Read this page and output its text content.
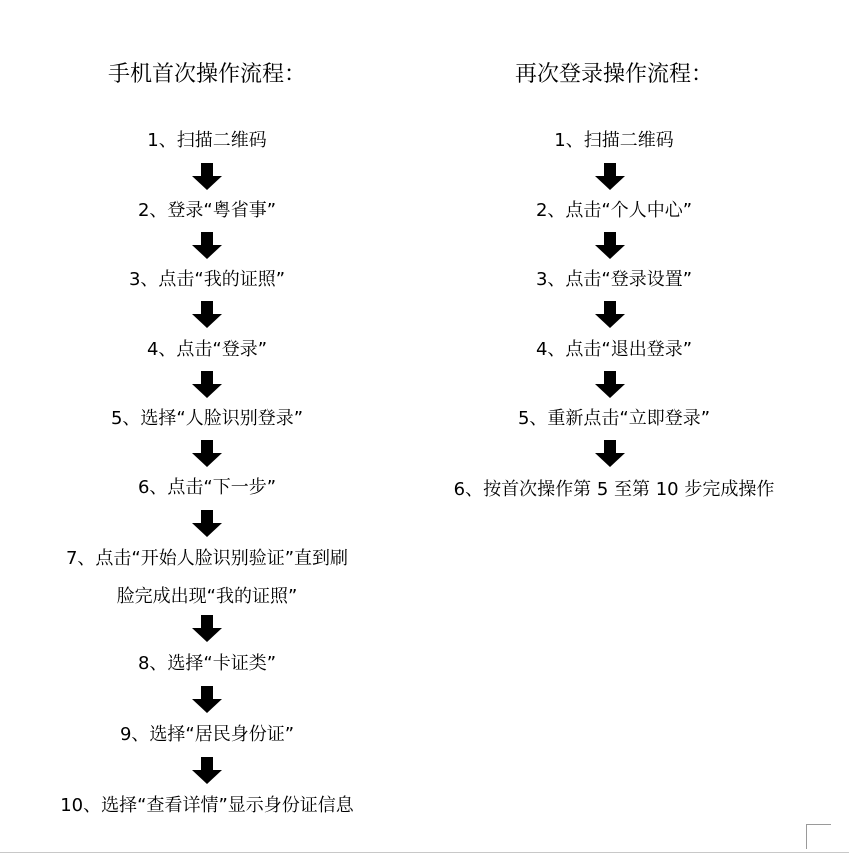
手机首次操作流程：
1、扫描二维码
2、登录“粤省事”
3、点击“我的证照”
4、点击“登录”
5、选择“人脸识别登录”
6、点击“下一步”
7、点击“开始人脸识别验证”直到刷
脸完成出现“我的证照”
8、选择“卡证类”
9、选择“居民身份证”
10、选择“查看详情”显示身份证信息
再次登录操作流程：
1、扫描二维码
2、点击“个人中心”
3、点击“登录设置”
4、点击“退出登录”
5、重新点击“立即登录”
6、按首次操作第 5 至第 10 步完成操作
